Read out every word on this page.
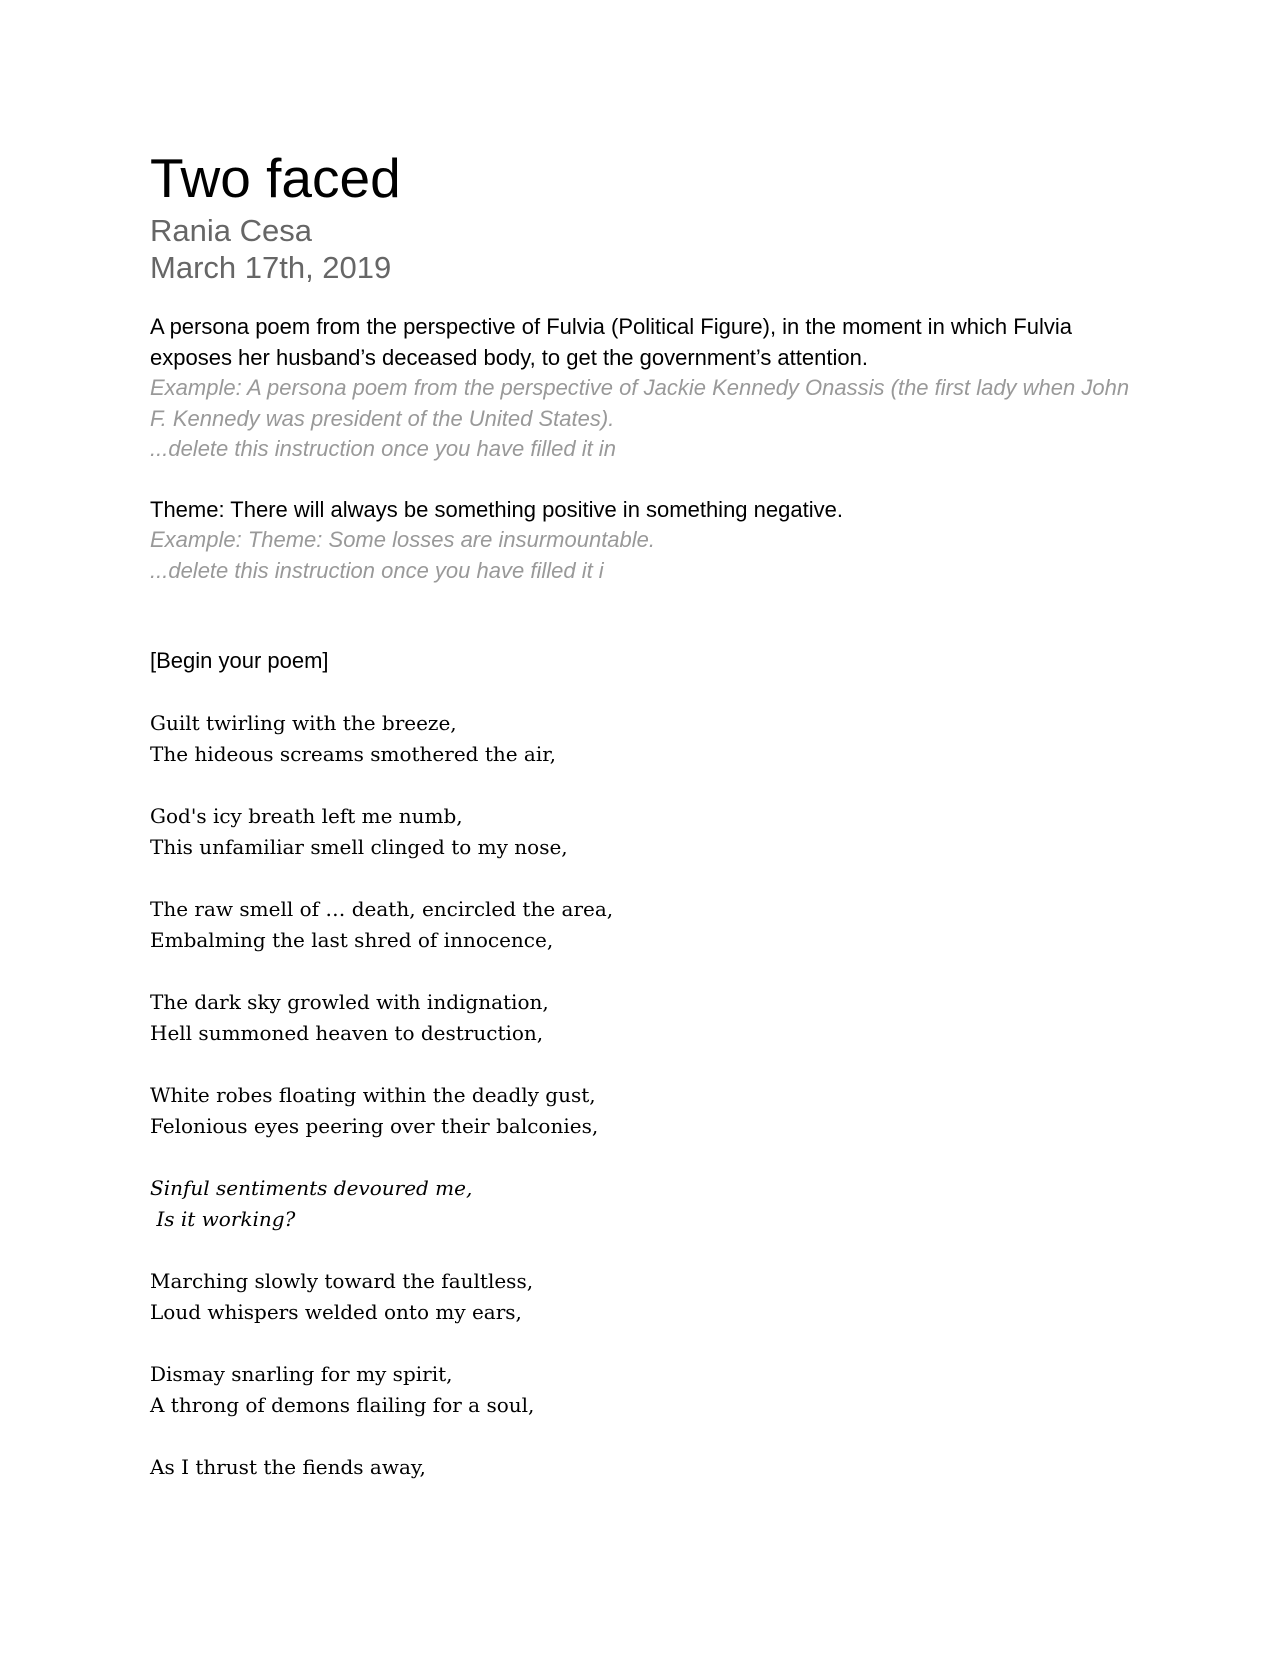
Two faced
Rania Cesa
March 17th, 2019
A persona poem from the perspective of Fulvia (Political Figure), in the moment in which Fulvia exposes her husband’s deceased body, to get the government’s attention.
Example: A persona poem from the perspective of Jackie Kennedy Onassis (the first lady when John F. Kennedy was president of the United States).
...delete this instruction once you have filled it in
Theme: There will always be something positive in something negative.
Example: Theme: Some losses are insurmountable.
...delete this instruction once you have filled it i
[Begin your poem]
Guilt twirling with the breeze,
The hideous screams smothered the air,
God's icy breath left me numb,
This unfamiliar smell clinged to my nose,
The raw smell of … death, encircled the area,
Embalming the last shred of innocence,
The dark sky growled with indignation,
Hell summoned heaven to destruction,
White robes floating within the deadly gust,
Felonious eyes peering over their balconies,
Sinful sentiments devoured me,
Is it working?
Marching slowly toward the faultless,
Loud whispers welded onto my ears,
Dismay snarling for my spirit,
A throng of demons flailing for a soul,
As I thrust the fiends away,
